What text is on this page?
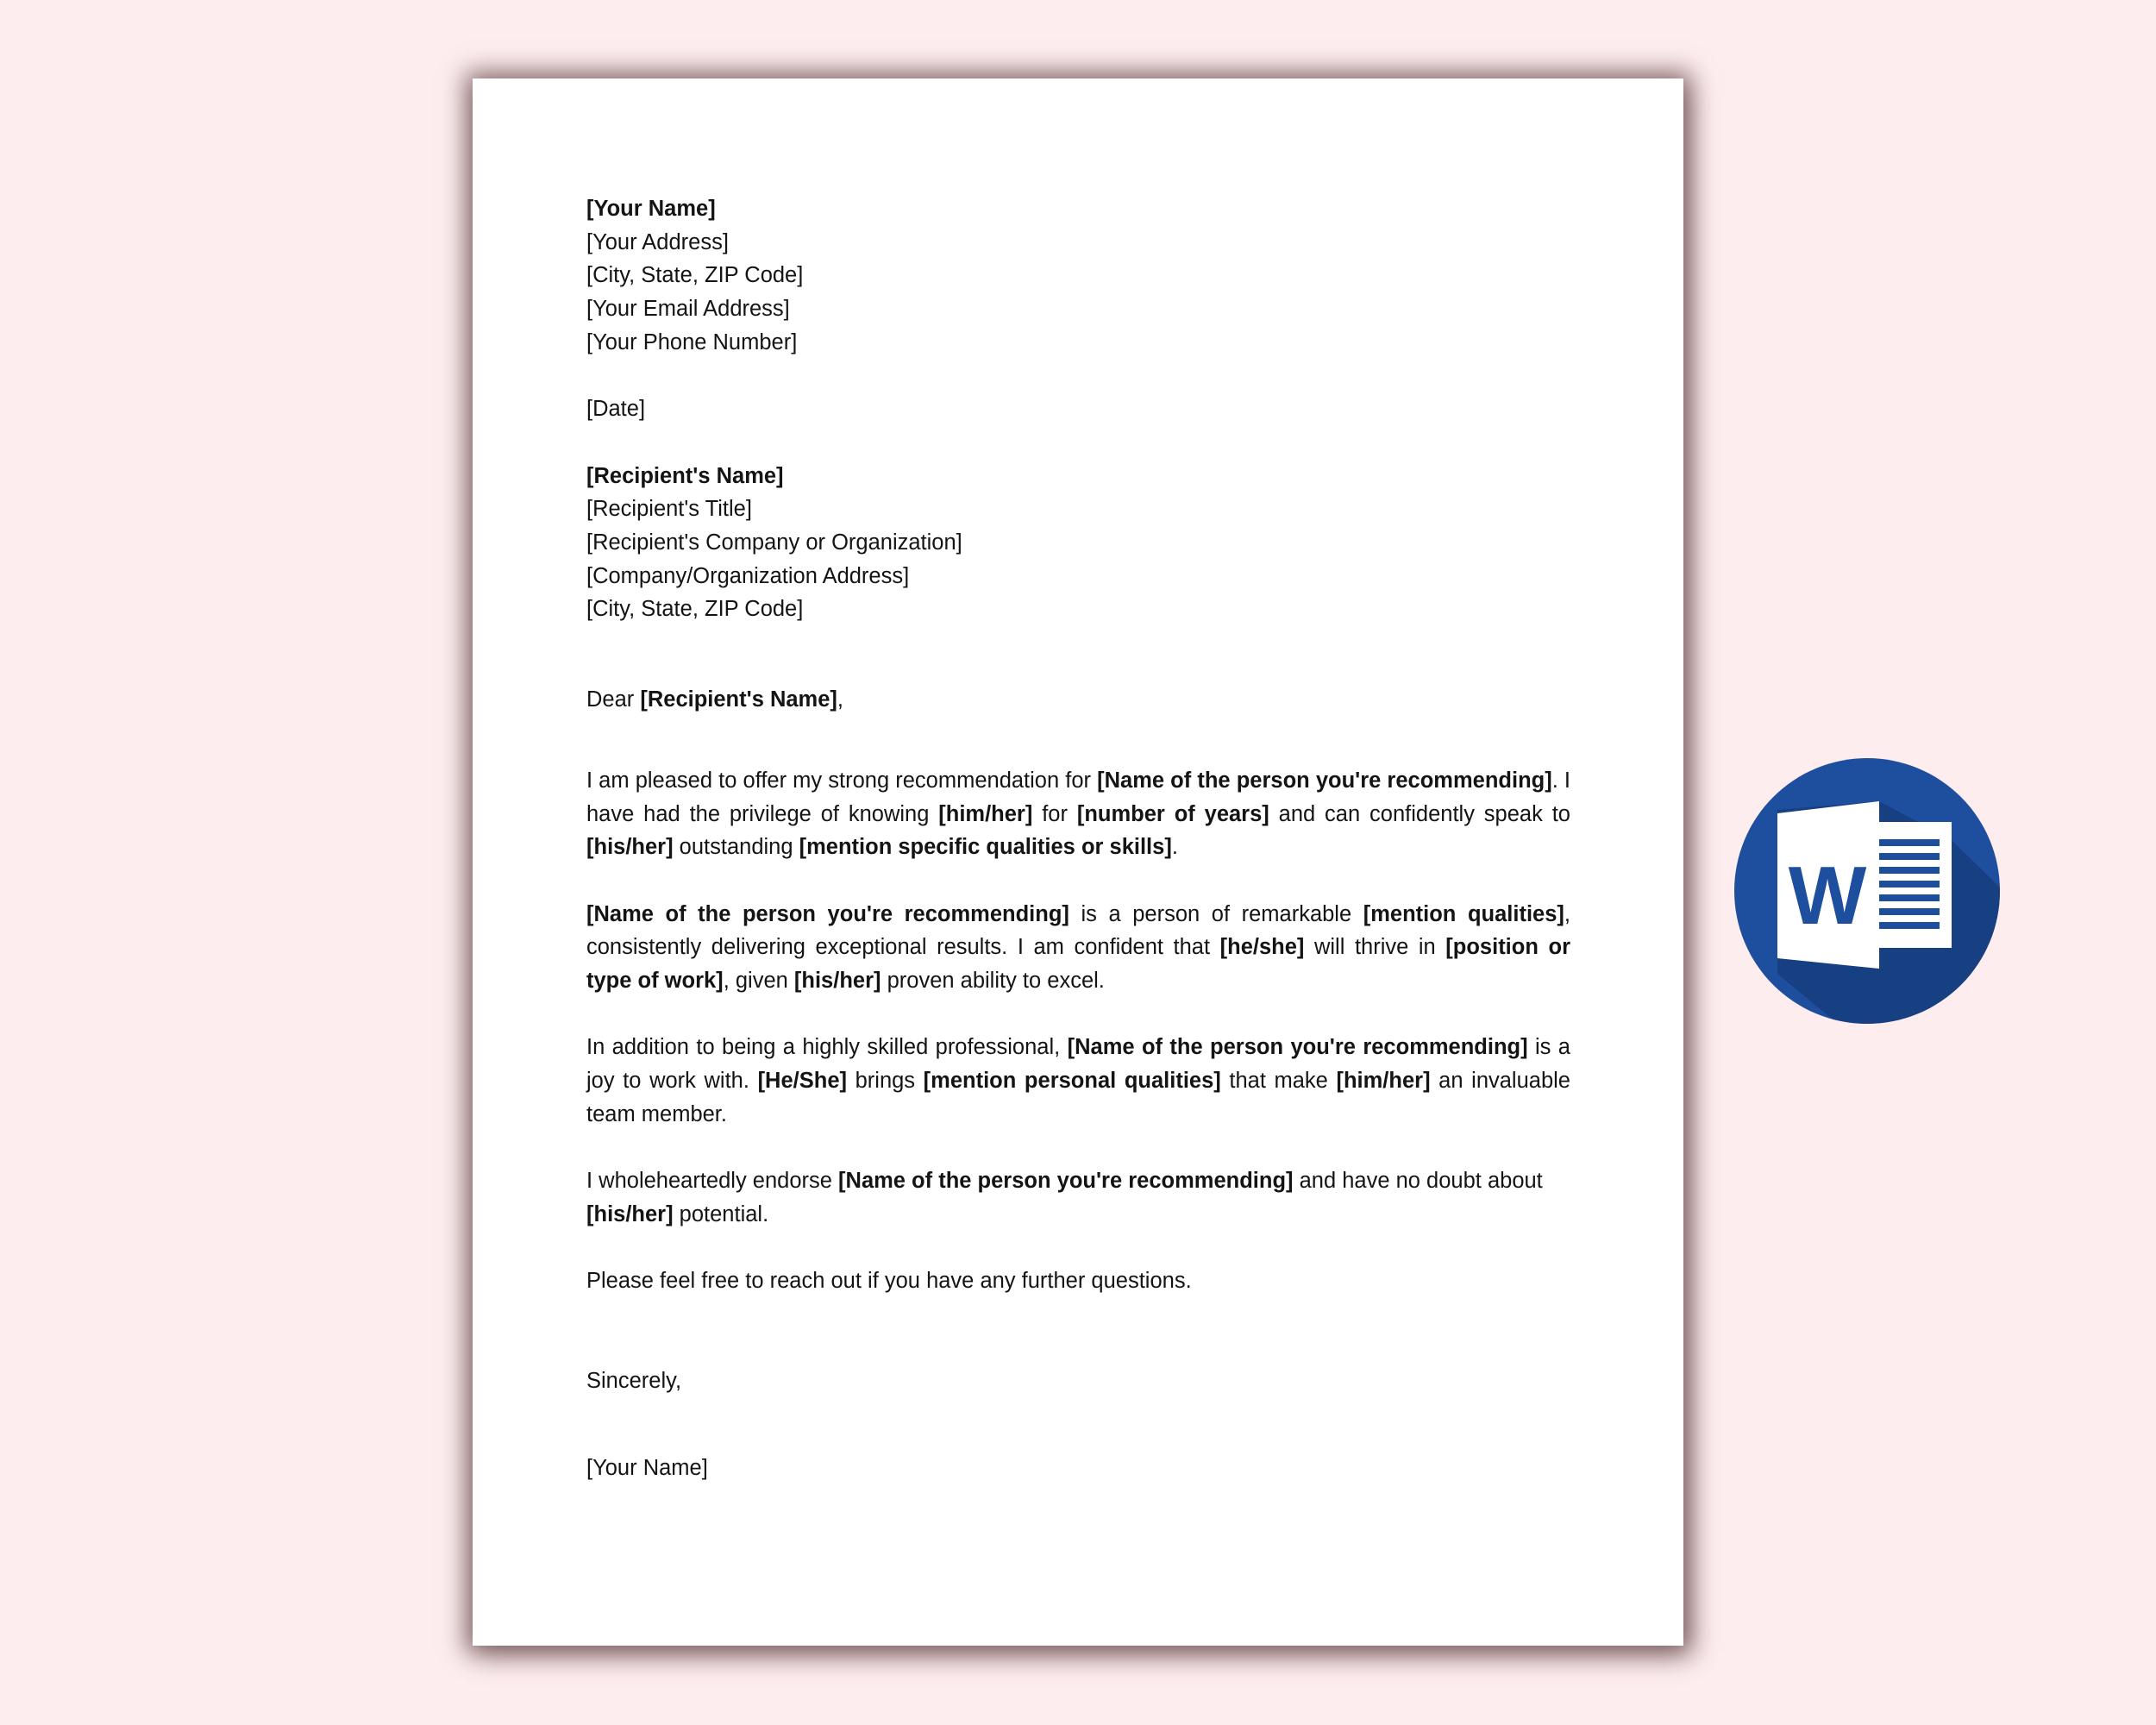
[Your Name]
[Your Address]
[City, State, ZIP Code]
[Your Email Address]
[Your Phone Number]
[Date]
[Recipient's Name]
[Recipient's Title]
[Recipient's Company or Organization]
[Company/Organization Address]
[City, State, ZIP Code]
Dear [Recipient's Name],
I am pleased to offer my strong recommendation for [Name of the person you're recommending]. I have had the privilege of knowing [him/her] for [number of years] and can confidently speak to [his/her] outstanding [mention specific qualities or skills].
[Name of the person you're recommending] is a person of remarkable [mention qualities], consistently delivering exceptional results. I am confident that [he/she] will thrive in [position or type of work], given [his/her] proven ability to excel.
In addition to being a highly skilled professional, [Name of the person you're recommending] is a joy to work with. [He/She] brings [mention personal qualities] that make [him/her] an invaluable team member.
I wholeheartedly endorse [Name of the person you're recommending] and have no doubt about [his/her] potential.
Please feel free to reach out if you have any further questions.
Sincerely,
[Your Name]
W
